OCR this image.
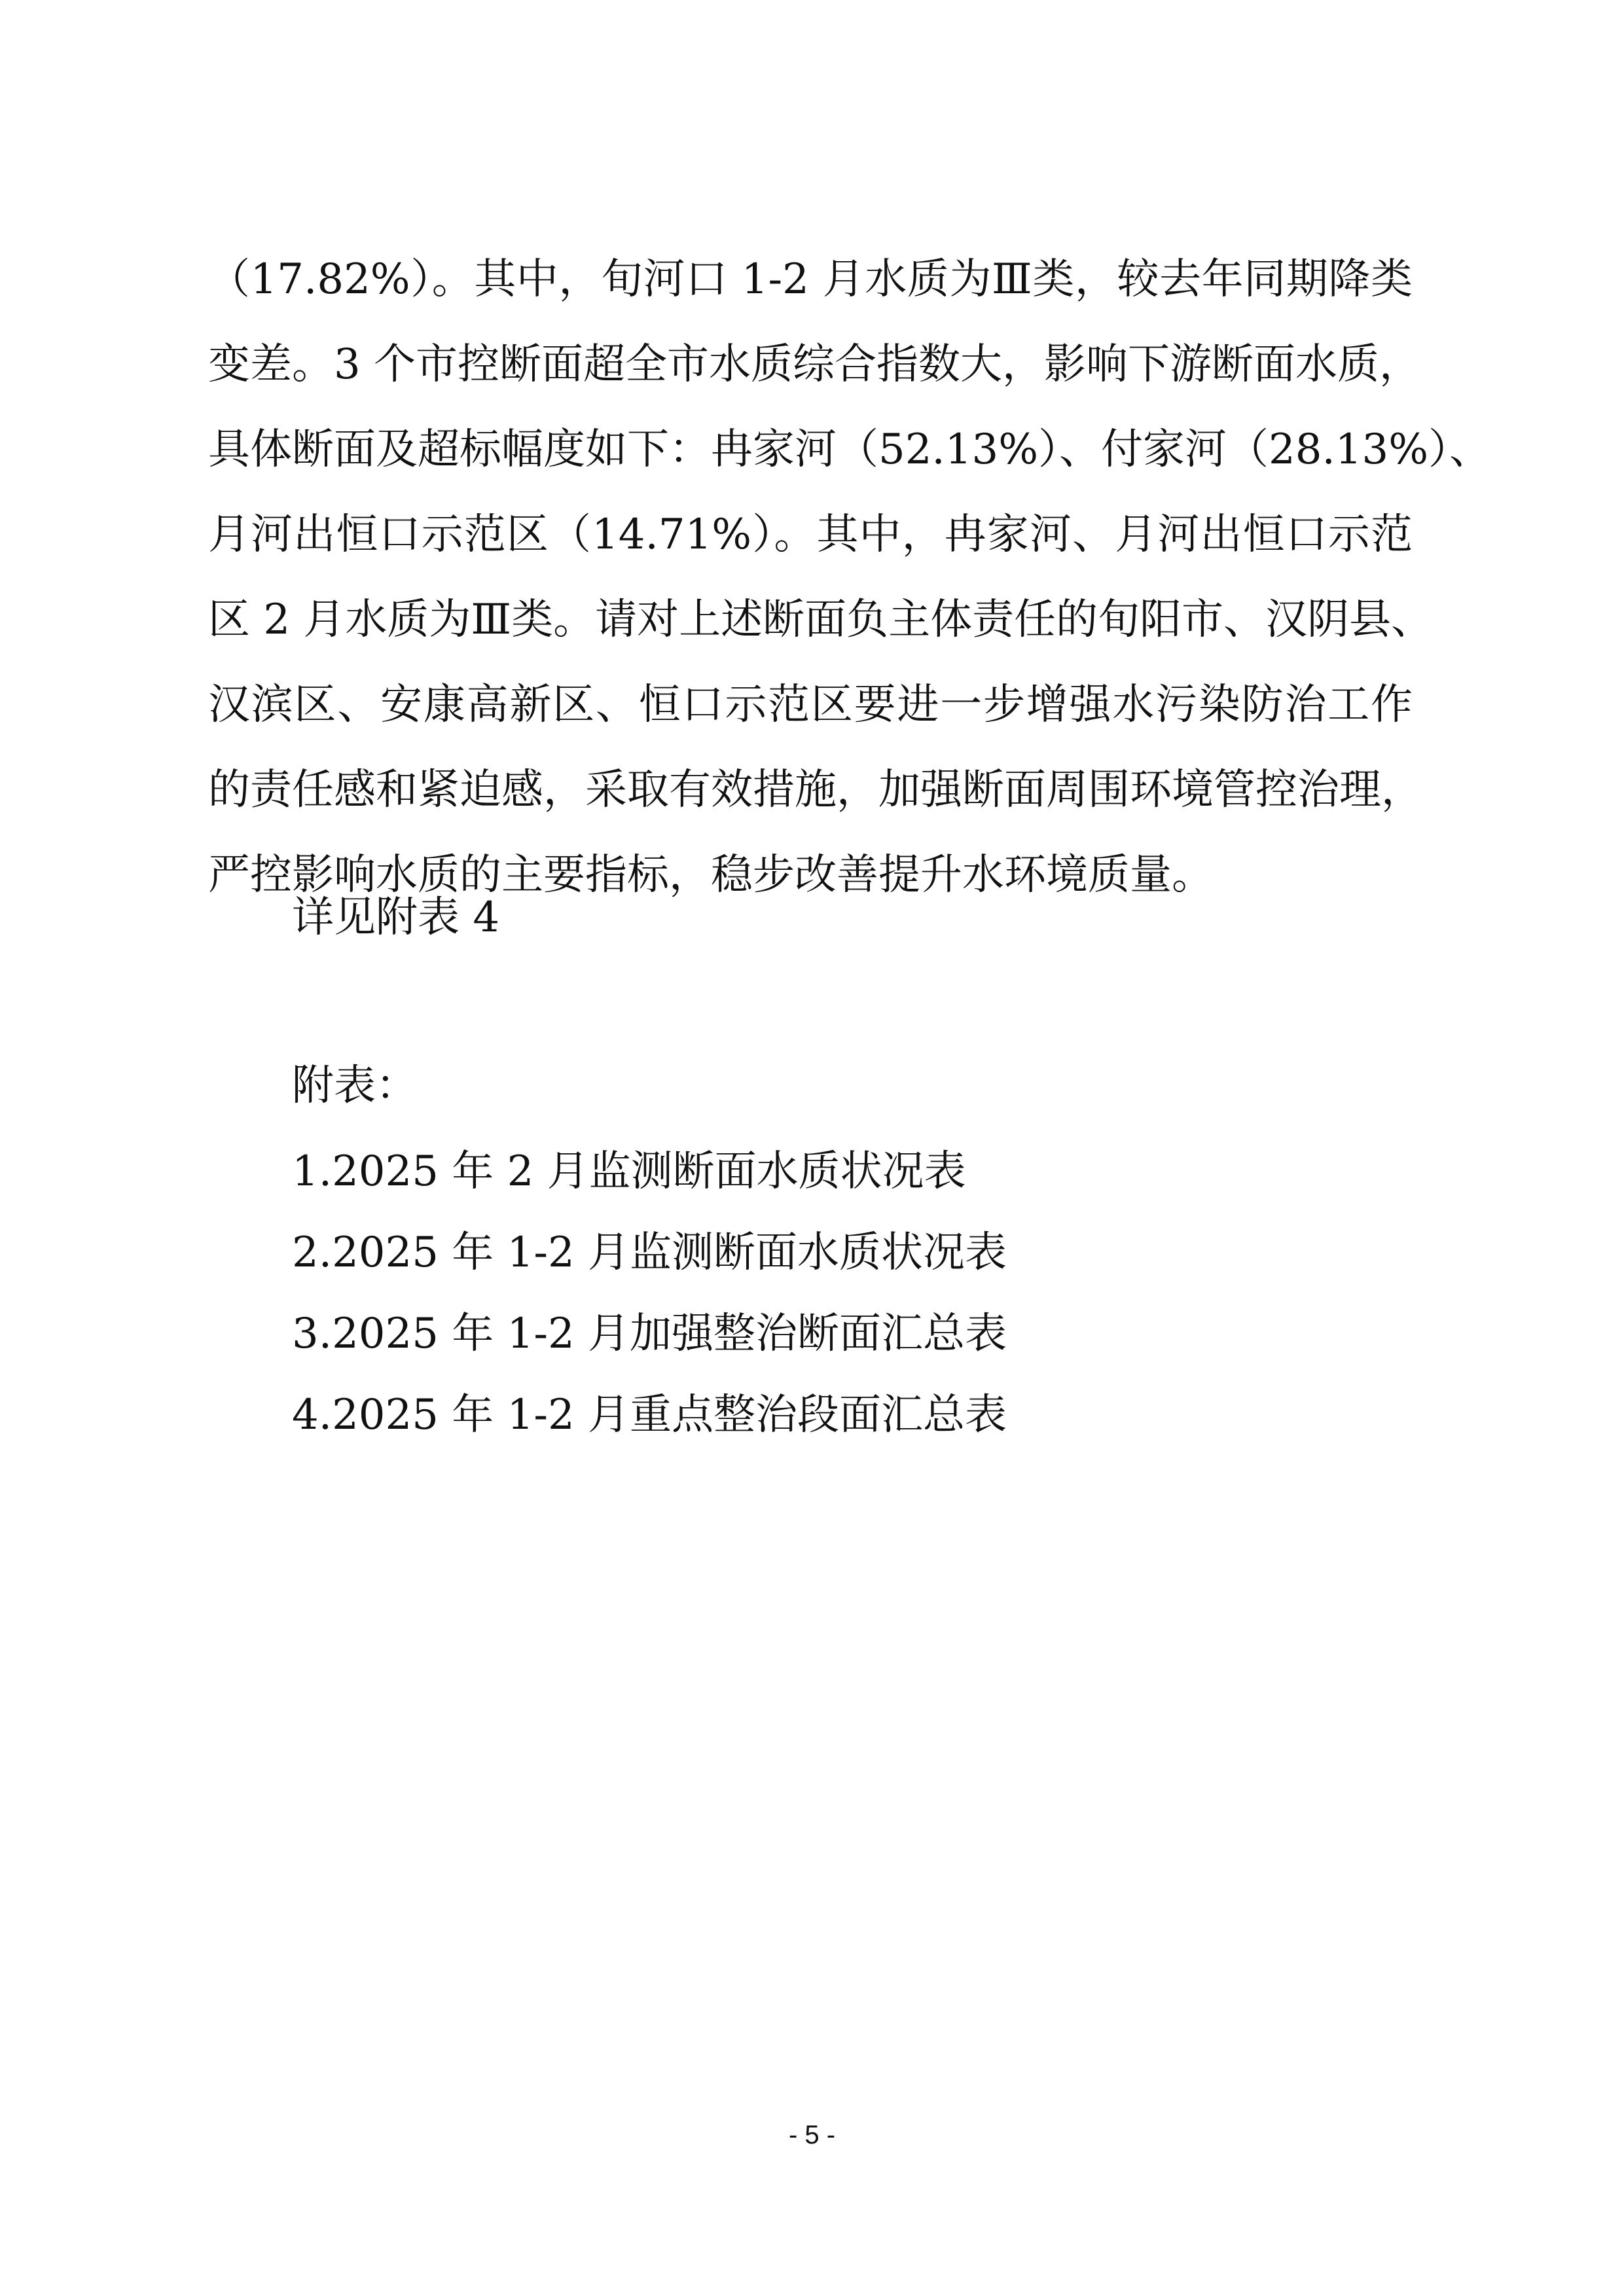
（17.82%）。其中，旬河口 1-2 月水质为Ⅲ类，较去年同期降类
变差。3 个市控断面超全市水质综合指数大，影响下游断面水质，
具体断面及超标幅度如下：冉家河（52.13%）、付家河（28.13%）、
月河出恒口示范区（14.71%）。其中，冉家河、月河出恒口示范
区 2 月水质为Ⅲ类。请对上述断面负主体责任的旬阳市、汉阴县、
汉滨区、安康高新区、恒口示范区要进一步增强水污染防治工作
的责任感和紧迫感，采取有效措施，加强断面周围环境管控治理，
严控影响水质的主要指标，稳步改善提升水环境质量。

详见附表 4

附表：

1.2025 年 2 月监测断面水质状况表
2.2025 年 1-2 月监测断面水质状况表
3.2025 年 1-2 月加强整治断面汇总表
4.2025 年 1-2 月重点整治段面汇总表
- 5 -
